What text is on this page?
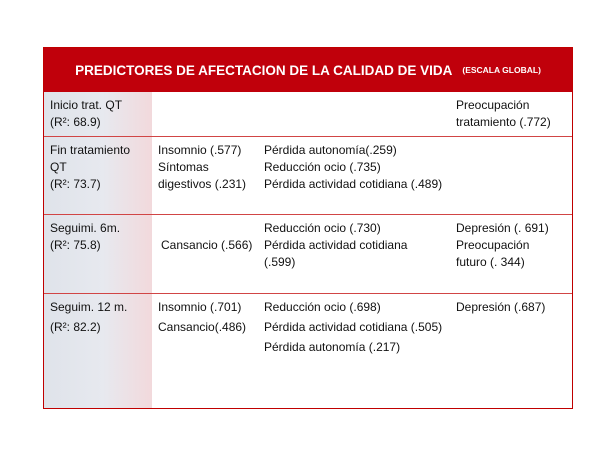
PREDICTORES DE AFECTACION DE LA CALIDAD DE VIDA (ESCALA GLOBAL)
Inicio trat. QT
(R²: 68.9)
Preocupación
tratamiento (.772)
Fin tratamiento
QT
(R²: 73.7)
Insomnio (.577)
Síntomas
digestivos (.231)
Pérdida autonomía(.259)
Reducción ocio (.735)
Pérdida actividad cotidiana (.489)
Seguimi. 6m.
(R²: 75.8)	Cansancio (.566)
Reducción ocio (.730)
Pérdida actividad cotidiana
(.599)
Depresión (. 691)
Preocupación
futuro (. 344)
Seguim. 12 m.
(R²: 82.2)
Insomnio (.701)
Cansancio(.486)
Reducción ocio (.698)
Pérdida actividad cotidiana (.505)
Pérdida autonomía (.217)
Depresión (.687)
